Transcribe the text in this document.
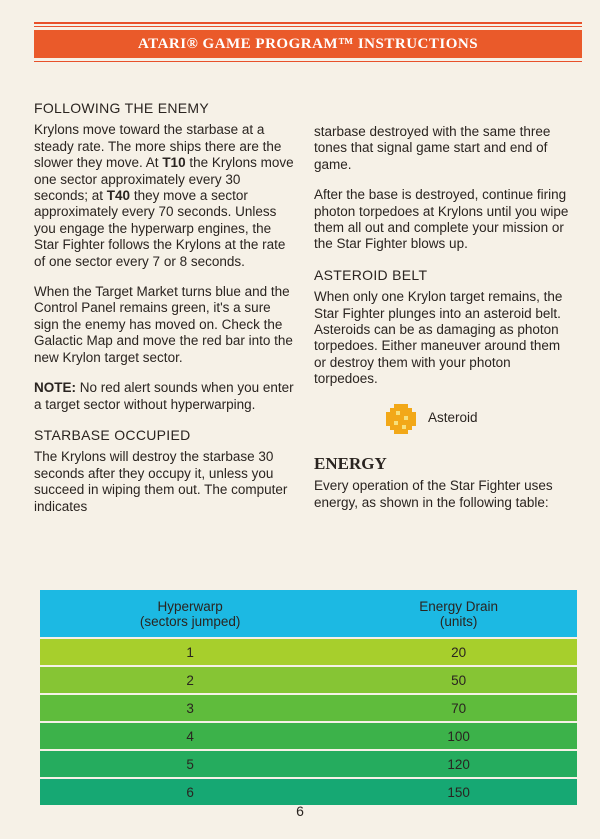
ATARI® GAME PROGRAM™ INSTRUCTIONS
FOLLOWING THE ENEMY

Krylons move toward the starbase at a steady rate. The more ships there are the slower they move. At T10 the Krylons move one sector approximately every 30 seconds; at T40 they move a sector approximately every 70 seconds. Unless you engage the hyperwarp engines, the Star Fighter follows the Krylons at the rate of one sector every 7 or 8 seconds.

When the Target Market turns blue and the Control Panel remains green, it's a sure sign the enemy has moved on. Check the Galactic Map and move the red bar into the new Krylon target sector.

NOTE: No red alert sounds when you enter a target sector without hyperwarping.

STARBASE OCCUPIED

The Krylons will destroy the starbase 30 seconds after they occupy it, unless you succeed in wiping them out. The computer indicates

starbase destroyed with the same three tones that signal game start and end of game.

After the base is destroyed, continue firing photon torpedoes at Krylons until you wipe them all out and complete your mission or the Star Fighter blows up.

ASTEROID BELT

When only one Krylon target remains, the Star Fighter plunges into an asteroid belt. Asteroids can be as damaging as photon torpedoes. Either maneuver around them or destroy them with your photon torpedoes.

Asteroid
ENERGY

Every operation of the Star Fighter uses energy, as shown in the following table:

Hyperwarp
(sectors jumped)	Energy Drain
(units)
1	20
2	50
3	70
4	100
5	120
6	150
6
